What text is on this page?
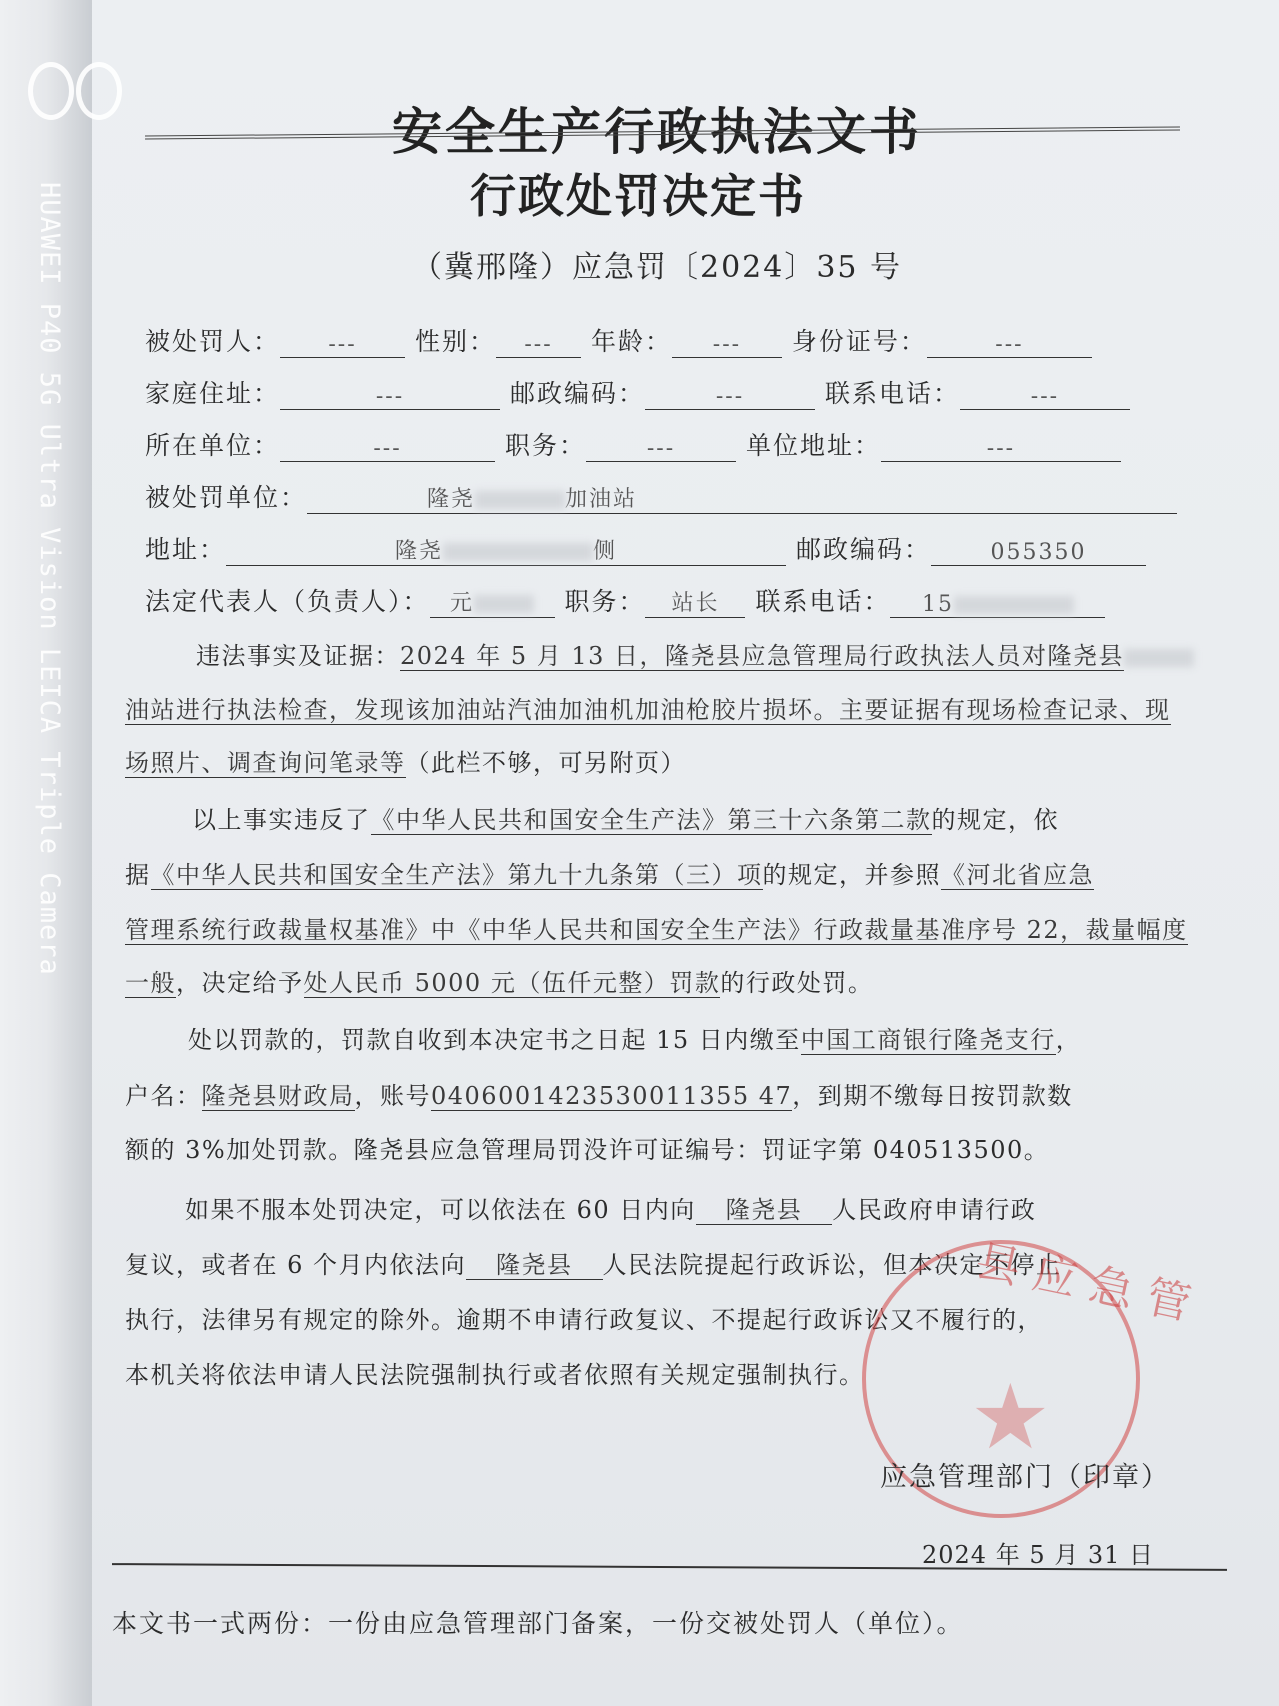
HUAWEI P40 5G Ultra Vision LEICA Triple Camera
安全生产行政执法文书
行政处罚决定书
（冀邢隆）应急罚〔2024〕35 号
被处罚人： --- 性别： --- 年龄： --- 身份证号：	---
家庭住址：	---	邮政编码：	---	联系电话：	---
所在单位：	---	职务：	---	单位地址：	---
被处罚单位：	隆尧	加油站
地址：	隆尧	侧	邮政编码：	055350
法定代表人（负责人）： 元	职务： 站长 联系电话： 15
违法事实及证据：2024 年 5 月 13 日，隆尧县应急管理局行政执法人员对隆尧县
油站进行执法检查，发现该加油站汽油加油机加油枪胶片损坏。主要证据有现场检查记录、现
场照片、调查询问笔录等（此栏不够，可另附页）
以上事实违反了《中华人民共和国安全生产法》第三十六条第二款的规定，依
据《中华人民共和国安全生产法》第九十九条第（三）项的规定，并参照《河北省应急
管理系统行政裁量权基准》中《中华人民共和国安全生产法》行政裁量基准序号 22，裁量幅度
一般，决定给予处人民币 5000 元（伍仟元整）罚款的行政处罚。
处以罚款的，罚款自收到本决定书之日起 15 日内缴至中国工商银行隆尧支行，
户名：隆尧县财政局，账号0406001423530011355 47，到期不缴每日按罚款数
额的 3%加处罚款。隆尧县应急管理局罚没许可证编号：罚证字第 040513500。
如果不服本处罚决定，可以依法在 60 日内向 隆尧县 人民政府申请行政
复议，或者在 6 个月内依法向 隆尧县 人民法院提起行政诉讼，但本决定不停止
执行，法律另有规定的除外。逾期不申请行政复议、不提起行政诉讼又不履行的，
本机关将依法申请人民法院强制执行或者依照有关规定强制执行。
县应急管
★
应急管理部门（印章）
2024 年 5 月 31 日
本文书一式两份：一份由应急管理部门备案，一份交被处罚人（单位）。
